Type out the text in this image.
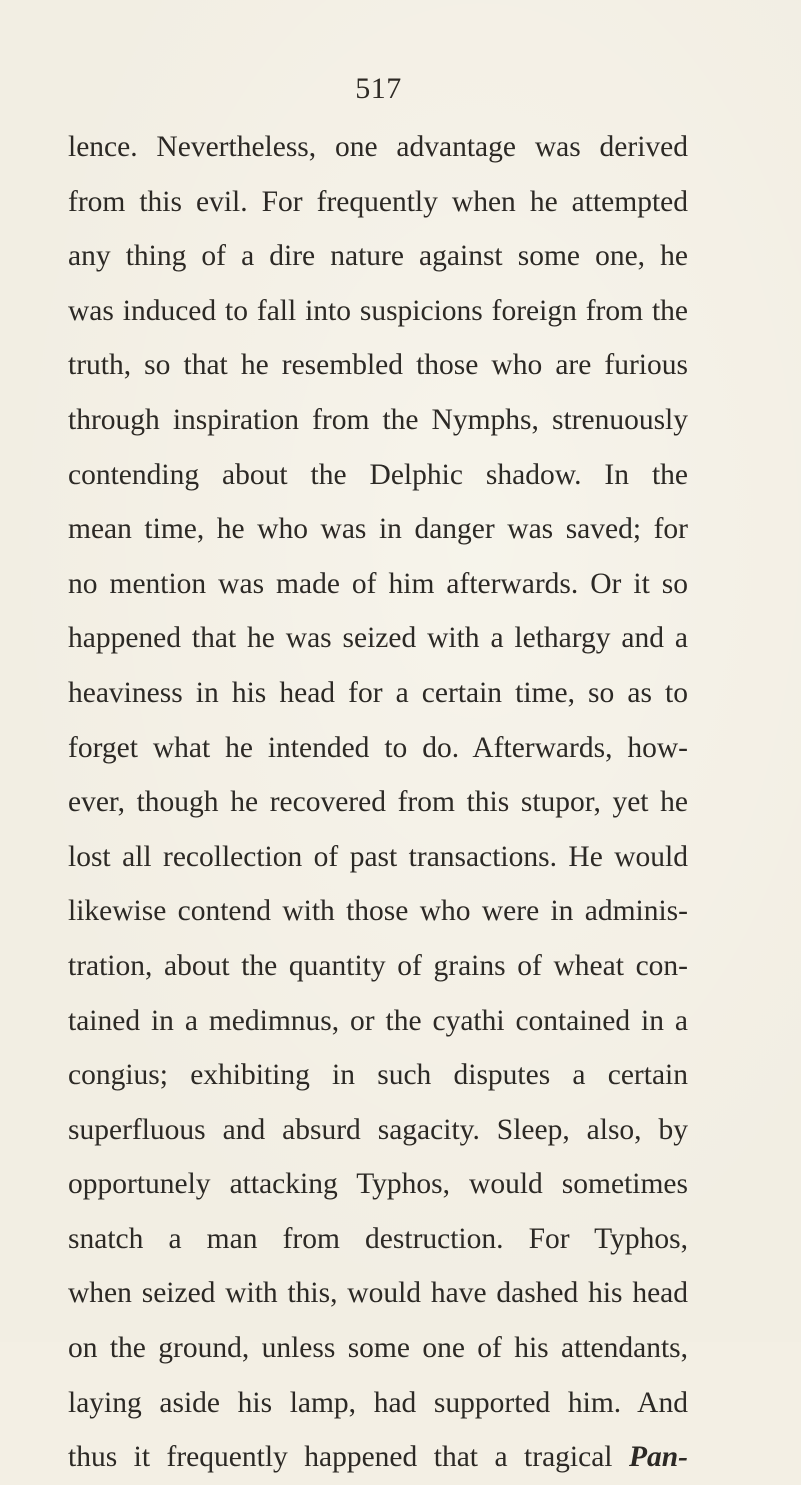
517
lence. Nevertheless, one advantage was derived
from this evil. For frequently when he attempted
any thing of a dire nature against some one, he
was induced to fall into suspicions foreign from the
truth, so that he resembled those who are furious
through inspiration from the Nymphs, strenuously
contending about the Delphic shadow. In the
mean time, he who was in danger was saved; for
no mention was made of him afterwards. Or it so
happened that he was seized with a lethargy and a
heaviness in his head for a certain time, so as to
forget what he intended to do. Afterwards, how-
ever, though he recovered from this stupor, yet he
lost all recollection of past transactions. He would
likewise contend with those who were in adminis-
tration, about the quantity of grains of wheat con-
tained in a medimnus, or the cyathi contained in a
congius; exhibiting in such disputes a certain
superfluous and absurd sagacity. Sleep, also, by
opportunely attacking Typhos, would sometimes
snatch a man from destruction. For Typhos,
when seized with this, would have dashed his head
on the ground, unless some one of his attendants,
laying aside his lamp, had supported him. And
thus it frequently happened that a tragical Pan-
